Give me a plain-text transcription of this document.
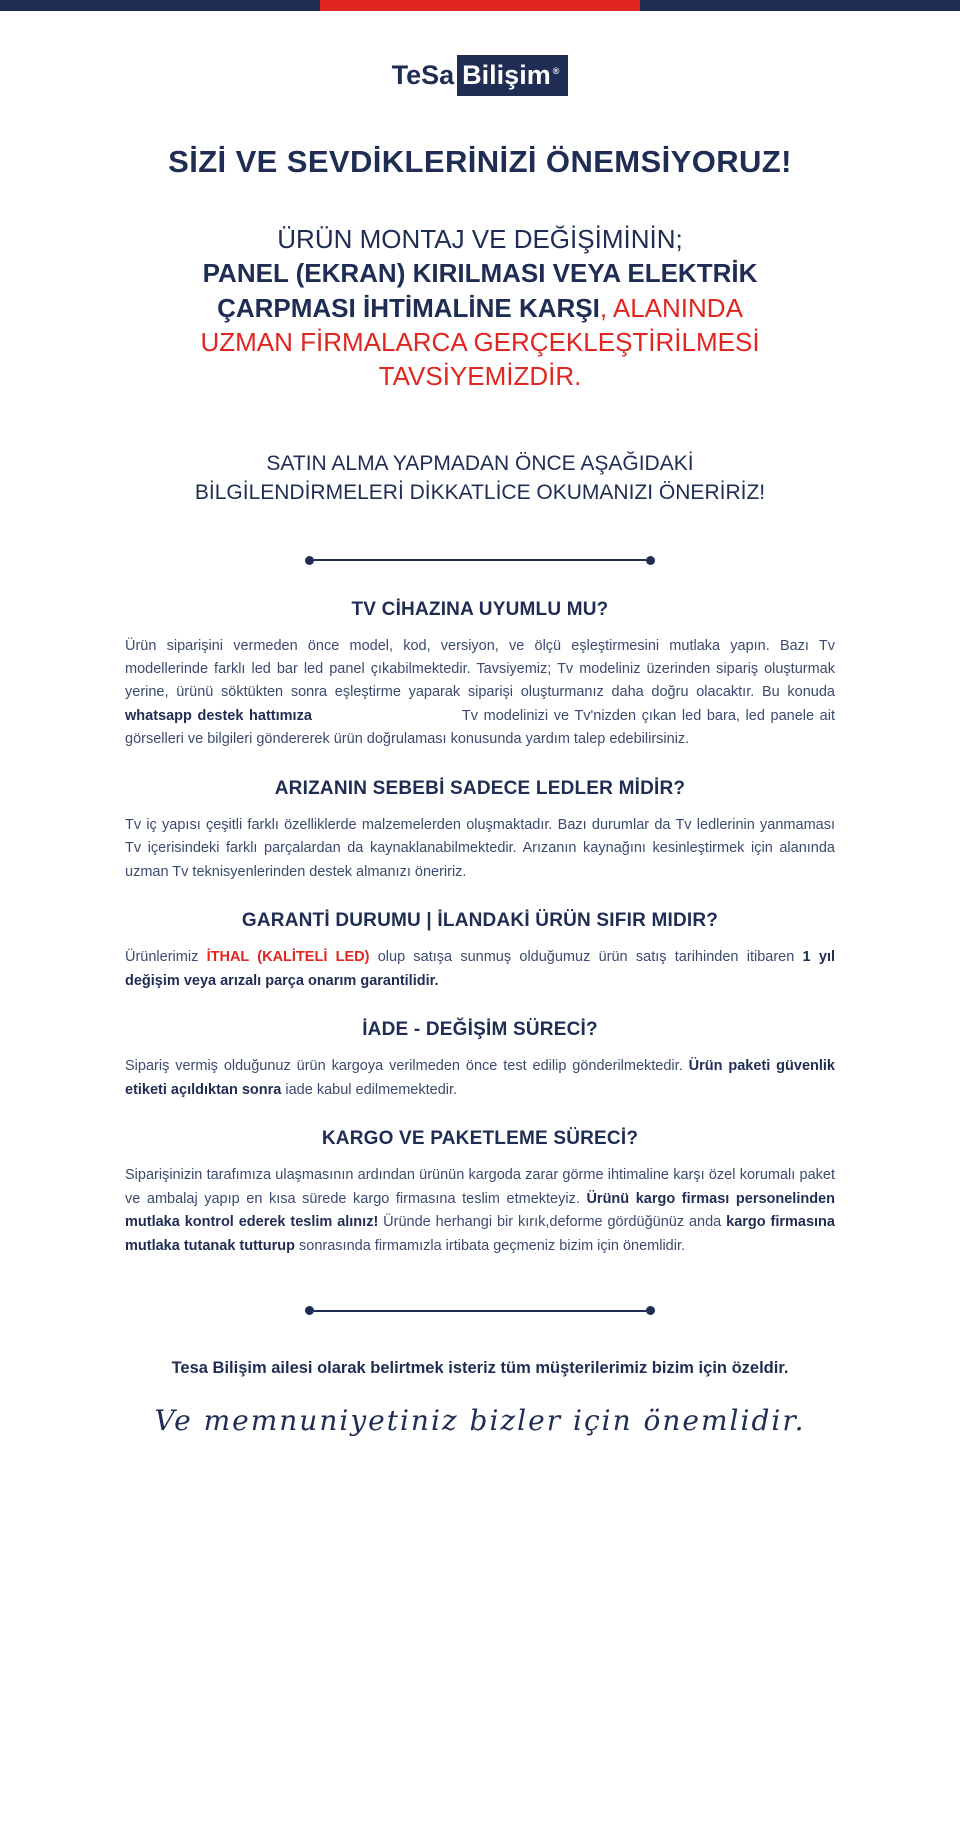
TeSa Bilişim ®
SİZİ VE SEVDİKLERİNİZİ ÖNEMSİYORUZ!
ÜRÜN MONTAJ VE DEĞİŞİMİNİN;
PANEL (EKRAN) KIRILMASI VEYA ELEKTRİK
ÇARPMASI İHTİMALİNE KARŞI, ALANINDA
UZMAN FİRMALARCA GERÇEKLEŞTİRİLMESİ
TAVSİYEMİZDİR.
SATIN ALMA YAPMADAN ÖNCE AŞAĞIDAKİ
BİLGİLENDİRMELERİ DİKKATLİCE OKUMANIZI ÖNERİRİZ!
TV CİHAZINA UYUMLU MU?

Ürün siparişini vermeden önce model, kod, versiyon, ve ölçü eşleştirmesini mutlaka yapın. Bazı Tv modellerinde farklı led bar led panel çıkabilmektedir. Tavsiyemiz; Tv modeliniz üzerinden sipariş oluşturmak yerine, ürünü söktükten sonra eşleştirme yaparak siparişi oluşturmanız daha doğru olacaktır. Bu konuda whatsapp destek hattımıza	Tv modelinizi ve Tv'nizden çıkan led bara, led panele ait görselleri ve bilgileri göndererek ürün doğrulaması konusunda yardım talep edebilirsiniz.

ARIZANIN SEBEBİ SADECE LEDLER MİDİR?

Tv iç yapısı çeşitli farklı özelliklerde malzemelerden oluşmaktadır. Bazı durumlar da Tv ledlerinin yanmaması Tv içerisindeki farklı parçalardan da kaynaklanabilmektedir. Arızanın kaynağını kesinleştirmek için alanında uzman Tv teknisyenlerinden destek almanızı öneririz.

GARANTİ DURUMU | İLANDAKİ ÜRÜN SIFIR MIDIR?

Ürünlerimiz İTHAL (KALİTELİ LED) olup satışa sunmuş olduğumuz ürün satış tarihinden itibaren 1 yıl değişim veya arızalı parça onarım garantilidir.

İADE - DEĞİŞİM SÜRECİ?

Sipariş vermiş olduğunuz ürün kargoya verilmeden önce test edilip gönderilmektedir. Ürün paketi güvenlik etiketi açıldıktan sonra iade kabul edilmemektedir.

KARGO VE PAKETLEME SÜRECİ?

Siparişinizin tarafımıza ulaşmasının ardından ürünün kargoda zarar görme ihtimaline karşı özel korumalı paket ve ambalaj yapıp en kısa sürede kargo firmasına teslim etmekteyiz. Ürünü kargo firması personelinden mutlaka kontrol ederek teslim alınız! Üründe herhangi bir kırık,deforme gördüğünüz anda kargo firmasına mutlaka tutanak tutturup sonrasında firmamızla irtibata geçmeniz bizim için önemlidir.

Tesa Bilişim ailesi olarak belirtmek isteriz tüm müşterilerimiz bizim için özeldir.
Ve memnuniyetiniz bizler için önemlidir.
